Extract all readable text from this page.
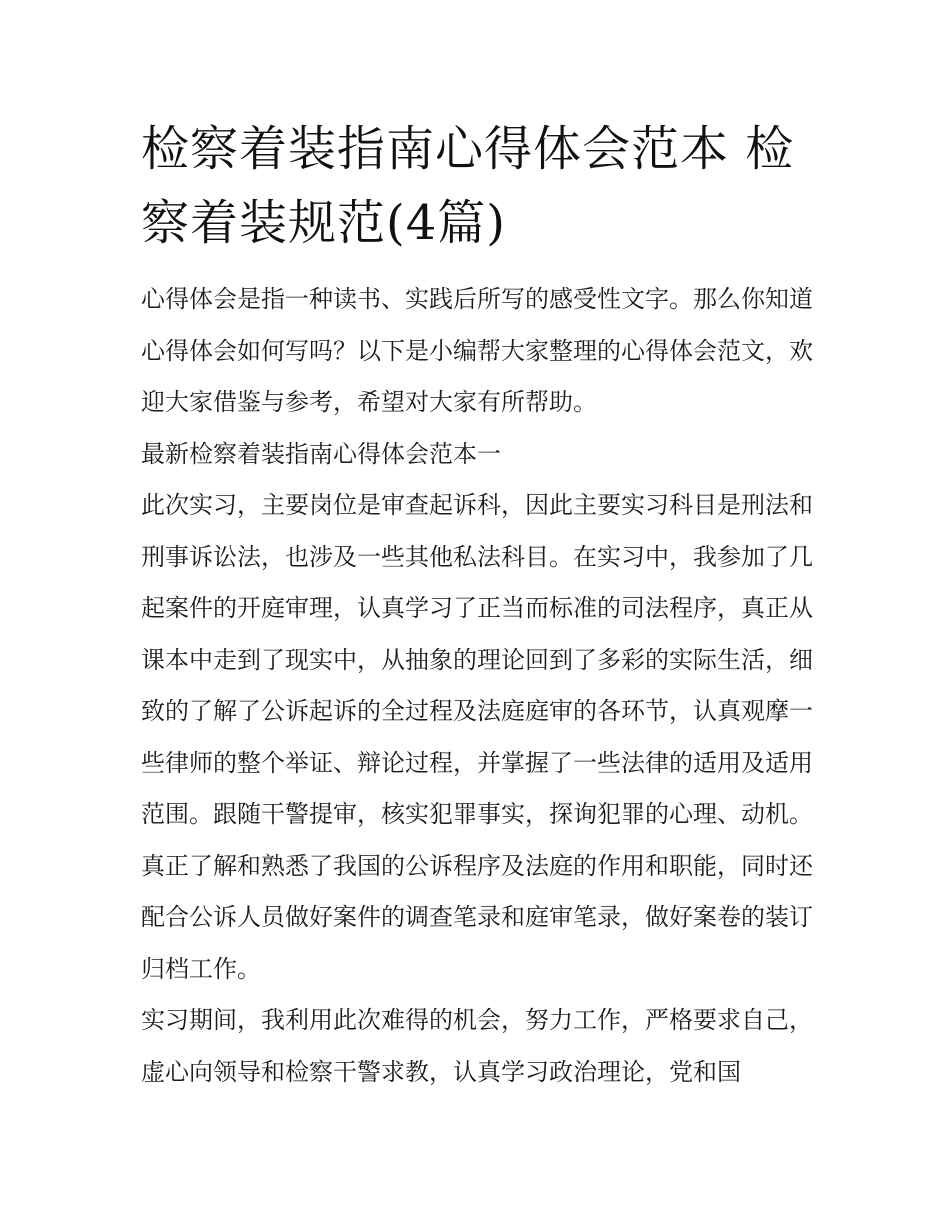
检察着装指南心得体会范本 检察着装规范(4篇)

心得体会是指一种读书、实践后所写的感受性文字。那么你知道心得体会如何写吗？以下是小编帮大家整理的心得体会范文，欢迎大家借鉴与参考，希望对大家有所帮助。

最新检察着装指南心得体会范本一

此次实习，主要岗位是审查起诉科，因此主要实习科目是刑法和刑事诉讼法，也涉及一些其他私法科目。在实习中，我参加了几起案件的开庭审理，认真学习了正当而标准的司法程序，真正从课本中走到了现实中，从抽象的理论回到了多彩的实际生活，细致的了解了公诉起诉的全过程及法庭庭审的各环节，认真观摩一些律师的整个举证、辩论过程，并掌握了一些法律的适用及适用范围。跟随干警提审，核实犯罪事实，探询犯罪的心理、动机。真正了解和熟悉了我国的公诉程序及法庭的作用和职能，同时还配合公诉人员做好案件的调查笔录和庭审笔录，做好案卷的装订归档工作。

实习期间，我利用此次难得的机会，努力工作，严格要求自己，虚心向领导和检察干警求教，认真学习政治理论，党和国
